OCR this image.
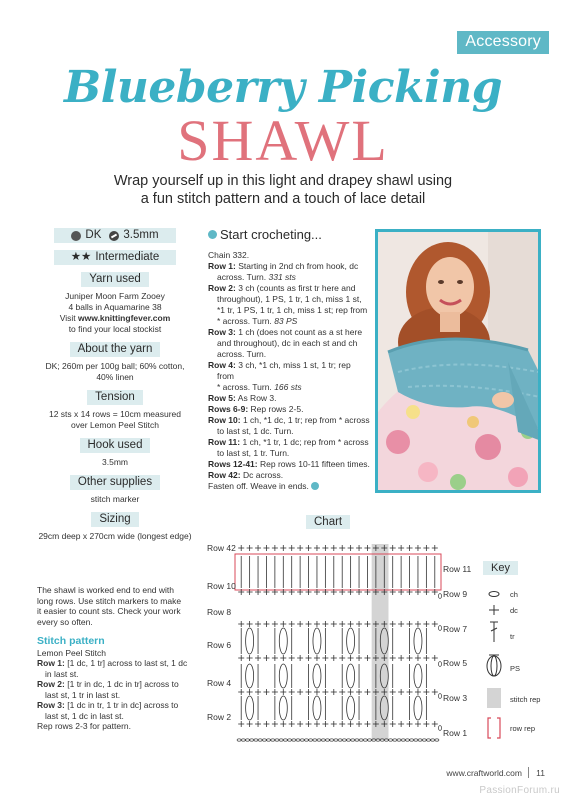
Accessory
Blueberry Picking
SHAWL
Wrap yourself up in this light and drapey shawl using
a fun stitch pattern and a touch of lace detail
DK 3.5mm
★★ Intermediate
Yarn used

Juniper Moon Farm Zooey

4 balls in Aquamarine 38

Visit www.knittingfever.com

to find your local stockist

About the yarn

DK; 260m per 100g ball; 60% cotton,

40% linen

Tension

12 sts x 14 rows = 10cm measured

over Lemon Peel Stitch

Hook used

3.5mm

Other supplies

stitch marker

Sizing

29cm deep x 270cm wide (longest edge)

The shawl is worked end to end with

long rows. Use stitch markers to make

it easier to count sts. Check your work

every so often.

Stitch pattern

Lemon Peel Stitch

Row 1: [1 dc, 1 tr] across to last st, 1 dc
in last st.

Row 2: [1 tr in dc, 1 dc in tr] across to
last st, 1 tr in last st.

Row 3: [1 dc in tr, 1 tr in dc] across to
last st, 1 dc in last st.

Rep rows 2-3 for pattern.

Start crocheting...

Chain 332.

Row 1: Starting in 2nd ch from hook, dc
across. Turn. 331 sts

Row 2: 3 ch (counts as first tr here and
throughout), 1 PS, 1 tr, 1 ch, miss 1 st,
*1 tr, 1 PS, 1 tr, 1 ch, miss 1 st; rep from
* across. Turn. 83 PS

Row 3: 1 ch (does not count as a st here
and throughout), dc in each st and ch
across. Turn.

Row 4: 3 ch, *1 ch, miss 1 st, 1 tr; rep from
* across. Turn. 166 sts

Row 5: As Row 3.

Rows 6-9: Rep rows 2-5.

Row 10: 1 ch, *1 dc, 1 tr; rep from * across
to last st, 1 dc. Turn.

Row 11: 1 ch, *1 tr, 1 dc; rep from * across
to last st, 1 tr. Turn.

Rows 12-41: Rep rows 10-11 fifteen times.

Row 42: Dc across.

Fasten off. Weave in ends.

Chart
Row 42
Row 10
Row 8
Row 6
Row 4
Row 2
Row 11
Row 9
Row 7
Row 5
Row 3
Row 1
Key
ch
dc
tr
PS
stitch rep
row rep
www.craftworld.com 11
PassionForum.ru
